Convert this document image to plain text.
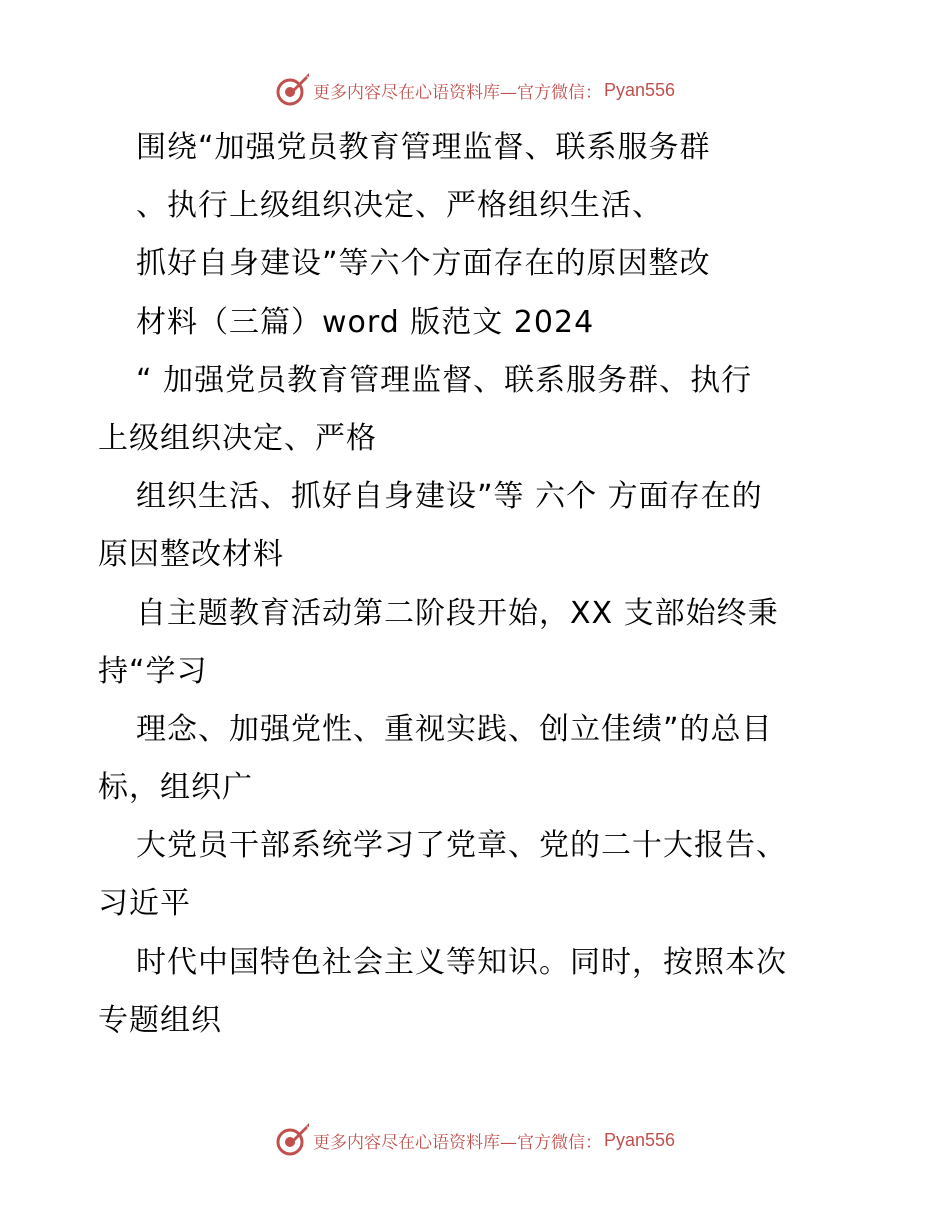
更多内容尽在心语资料库—官方微信： Pyan556
围绕“加强党员教育管理监督、联系服务群
、执行上级组织决定、严格组织生活、
抓好自身建设”等六个方面存在的原因整改
材料（三篇）word 版范文 2024
“ 加强党员教育管理监督、联系服务群、执行
上级组织决定、严格
组织生活、抓好自身建设”等 六个 方面存在的
原因整改材料
自主题教育活动第二阶段开始，XX 支部始终秉
持“学习
理念、加强党性、重视实践、创立佳绩”的总目
标，组织广
大党员干部系统学习了党章、党的二十大报告、
习近平
时代中国特色社会主义等知识。同时，按照本次
专题组织
更多内容尽在心语资料库—官方微信： Pyan556
